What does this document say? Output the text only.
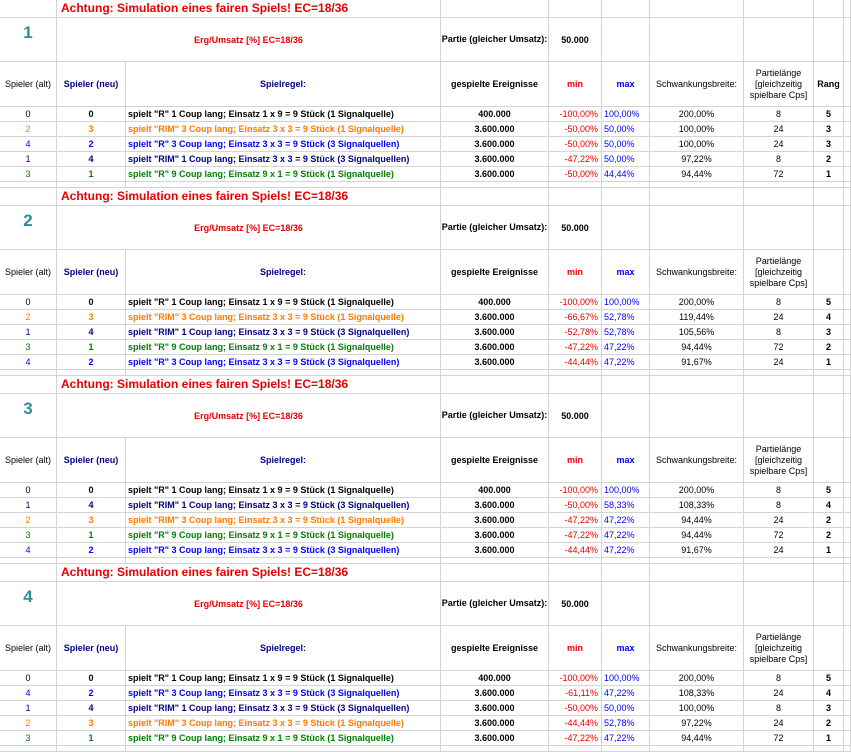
Achtung: Simulation eines fairen Spiels! EC=18/36
1	Erg/Umsatz [%] EC=18/36	Partie (gleicher Umsatz):	50.000
Spieler (alt)	Spieler (neu)	Spielregel:	gespielte Ereignisse	min	max	Schwankungsbreite:
Partielänge [gleichzeitig spielbare Cps]
Rang
0	0	spielt "R" 1 Coup lang; Einsatz 1 x 9 = 9 Stück (1 Signalquelle)	400.000	-100,00% 100,00%	200,00%	8	5
2	3	spielt "RIM" 3 Coup lang; Einsatz 3 x 3 = 9 Stück (1 Signalquelle)	3.600.000	-50,00% 50,00%	100,00%	24	3
4	2	spielt "R" 3 Coup lang; Einsatz 3 x 3 = 9 Stück (3 Signalquellen)	3.600.000	-50,00% 50,00%	100,00%	24	3
1	4	spielt "RIM" 1 Coup lang; Einsatz 3 x 3 = 9 Stück (3 Signalquellen)	3.600.000	-47,22% 50,00%	97,22%	8	2
3	1	spielt "R" 9 Coup lang; Einsatz 9 x 1 = 9 Stück (1 Signalquelle)	3.600.000	-50,00% 44,44%	94,44%	72	1
Achtung: Simulation eines fairen Spiels! EC=18/36
2	Erg/Umsatz [%] EC=18/36	Partie (gleicher Umsatz):	50.000
Spieler (alt)	Spieler (neu)	Spielregel:	gespielte Ereignisse	min	max	Schwankungsbreite:
Partielänge [gleichzeitig spielbare Cps]
0	0	spielt "R" 1 Coup lang; Einsatz 1 x 9 = 9 Stück (1 Signalquelle)	400.000	-100,00% 100,00%	200,00%	8	5
2	3	spielt "RIM" 3 Coup lang; Einsatz 3 x 3 = 9 Stück (1 Signalquelle)	3.600.000	-66,67% 52,78%	119,44%	24	4
1	4	spielt "RIM" 1 Coup lang; Einsatz 3 x 3 = 9 Stück (3 Signalquellen)	3.600.000	-52,78% 52,78%	105,56%	8	3
3	1	spielt "R" 9 Coup lang; Einsatz 9 x 1 = 9 Stück (1 Signalquelle)	3.600.000	-47,22% 47,22%	94,44%	72	2
4	2	spielt "R" 3 Coup lang; Einsatz 3 x 3 = 9 Stück (3 Signalquellen)	3.600.000	-44,44% 47,22%	91,67%	24	1
Achtung: Simulation eines fairen Spiels! EC=18/36
3	Erg/Umsatz [%] EC=18/36	Partie (gleicher Umsatz):	50.000
Spieler (alt)	Spieler (neu)	Spielregel:	gespielte Ereignisse	min	max	Schwankungsbreite:
Partielänge [gleichzeitig spielbare Cps]
0	0	spielt "R" 1 Coup lang; Einsatz 1 x 9 = 9 Stück (1 Signalquelle)	400.000	-100,00% 100,00%	200,00%	8	5
1	4	spielt "RIM" 1 Coup lang; Einsatz 3 x 3 = 9 Stück (3 Signalquellen)	3.600.000	-50,00% 58,33%	108,33%	8	4
2	3	spielt "RIM" 3 Coup lang; Einsatz 3 x 3 = 9 Stück (1 Signalquelle)	3.600.000	-47,22% 47,22%	94,44%	24	2
3	1	spielt "R" 9 Coup lang; Einsatz 9 x 1 = 9 Stück (1 Signalquelle)	3.600.000	-47,22% 47,22%	94,44%	72	2
4	2	spielt "R" 3 Coup lang; Einsatz 3 x 3 = 9 Stück (3 Signalquellen)	3.600.000	-44,44% 47,22%	91,67%	24	1
Achtung: Simulation eines fairen Spiels! EC=18/36
4	Erg/Umsatz [%] EC=18/36	Partie (gleicher Umsatz):	50.000
Spieler (alt)	Spieler (neu)	Spielregel:	gespielte Ereignisse	min	max	Schwankungsbreite:
Partielänge [gleichzeitig spielbare Cps]
0	0	spielt "R" 1 Coup lang; Einsatz 1 x 9 = 9 Stück (1 Signalquelle)	400.000	-100,00% 100,00%	200,00%	8	5
4	2	spielt "R" 3 Coup lang; Einsatz 3 x 3 = 9 Stück (3 Signalquellen)	3.600.000	-61,11% 47,22%	108,33%	24	4
1	4	spielt "RIM" 1 Coup lang; Einsatz 3 x 3 = 9 Stück (3 Signalquellen)	3.600.000	-50,00% 50,00%	100,00%	8	3
2	3	spielt "RIM" 3 Coup lang; Einsatz 3 x 3 = 9 Stück (1 Signalquelle)	3.600.000	-44,44% 52,78%	97,22%	24	2
3	1	spielt "R" 9 Coup lang; Einsatz 9 x 1 = 9 Stück (1 Signalquelle)	3.600.000	-47,22% 47,22%	94,44%	72	1
